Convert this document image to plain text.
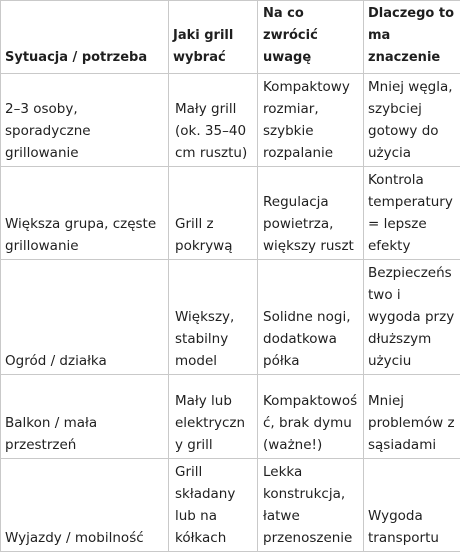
Sytuacja / potrzeba	Jaki grill wybrać	Na co zwrócić uwagę	Dlaczego to ma znaczenie
2–3 osoby, sporadyczne grillowanie	Mały grill (ok. 35–40 cm rusztu)	Kompaktowy rozmiar, szybkie rozpalanie	Mniej węgla, szybciej gotowy do użycia
Większa grupa, częste grillowanie	Grill z pokrywą	Regulacja powietrza, większy ruszt	Kontrola temperatury = lepsze efekty
Ogród / działka	Większy, stabilny model	Solidne nogi, dodatkowa półka	Bezpieczeństwo i wygoda przy dłuższym użyciu
Balkon / mała przestrzeń	Mały lub elektryczny grill	Kompaktowość, brak dymu (ważne!)	Mniej problemów z sąsiadami
Wyjazdy / mobilność	Grill składany lub na kółkach	Lekka konstrukcja, łatwe przenoszenie	Wygoda transportu
